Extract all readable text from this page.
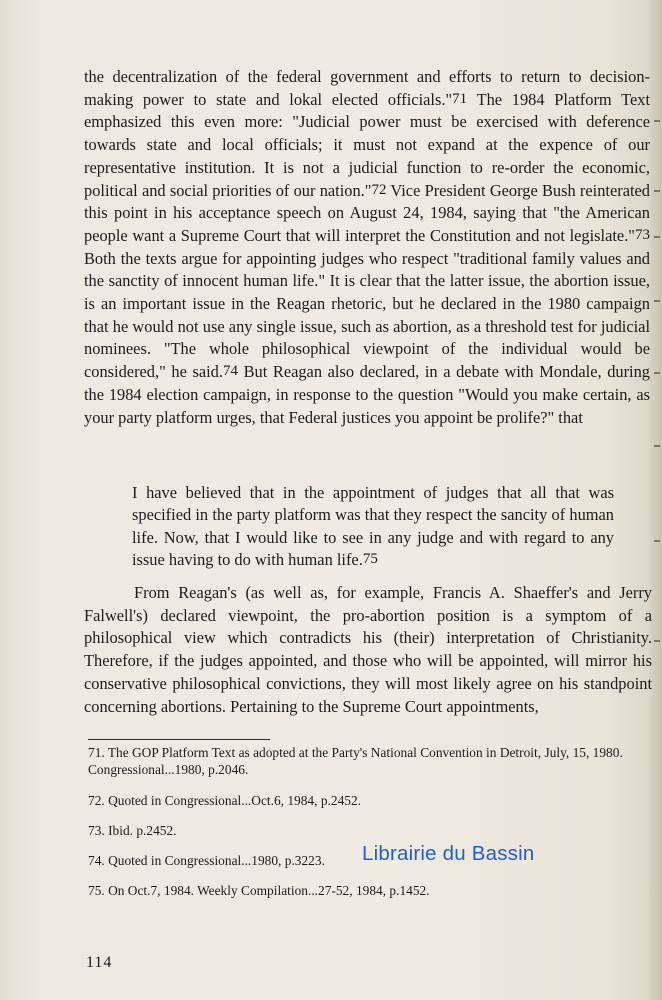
the decentralization of the federal government and efforts to return to decision-making power to state and lokal elected officials."$^{71}$ The 1984 Platform Text emphasized this even more: "Judicial power must be exercised with deference towards state and local officials; it must not expand at the expence of our representative institution. It is not a judicial function to re-order the economic, political and social priorities of our nation."$^{72}$ Vice President George Bush reinterated this point in his acceptance speech on August 24, 1984, saying that "the American people want a Supreme Court that will interpret the Constitution and not legislate."$^{73}$ Both the texts argue for appointing judges who respect "traditional family values and the sanctity of innocent human life." It is clear that the latter issue, the abortion issue, is an important issue in the Reagan rhetoric, but he declared in the 1980 campaign that he would not use any single issue, such as abortion, as a threshold test for judicial nominees. "The whole philosophical viewpoint of the individual would be considered," he said.$^{74}$ But Reagan also declared, in a debate with Mondale, during the 1984 election campaign, in response to the question "Would you make certain, as your party platform urges, that Federal justices you appoint be prolife?" that

I have believed that in the appointment of judges that all that was specified in the party platform was that they respect the sancity of human life. Now, that I would like to see in any judge and with regard to any issue having to do with human life.$^{75}$

From Reagan's (as well as, for example, Francis A. Shaeffer's and Jerry Falwell's) declared viewpoint, the pro-abortion position is a symptom of a philosophical view which contradicts his (their) interpretation of Christianity. Therefore, if the judges appointed, and those who will be appointed, will mirror his conservative philosophical convictions, they will most likely agree on his standpoint concerning abortions. Pertaining to the Supreme Court appointments,

71. The GOP Platform Text as adopted at the Party's National Convention in Detroit, July, 15, 1980. Congressional...1980, p.2046.

72. Quoted in Congressional...Oct.6, 1984, p.2452.

73. Ibid. p.2452.

74. Quoted in Congressional...1980, p.3223.

75. On Oct.7, 1984. Weekly Compilation...27-52, 1984, p.1452.

Librairie du Bassin
114
